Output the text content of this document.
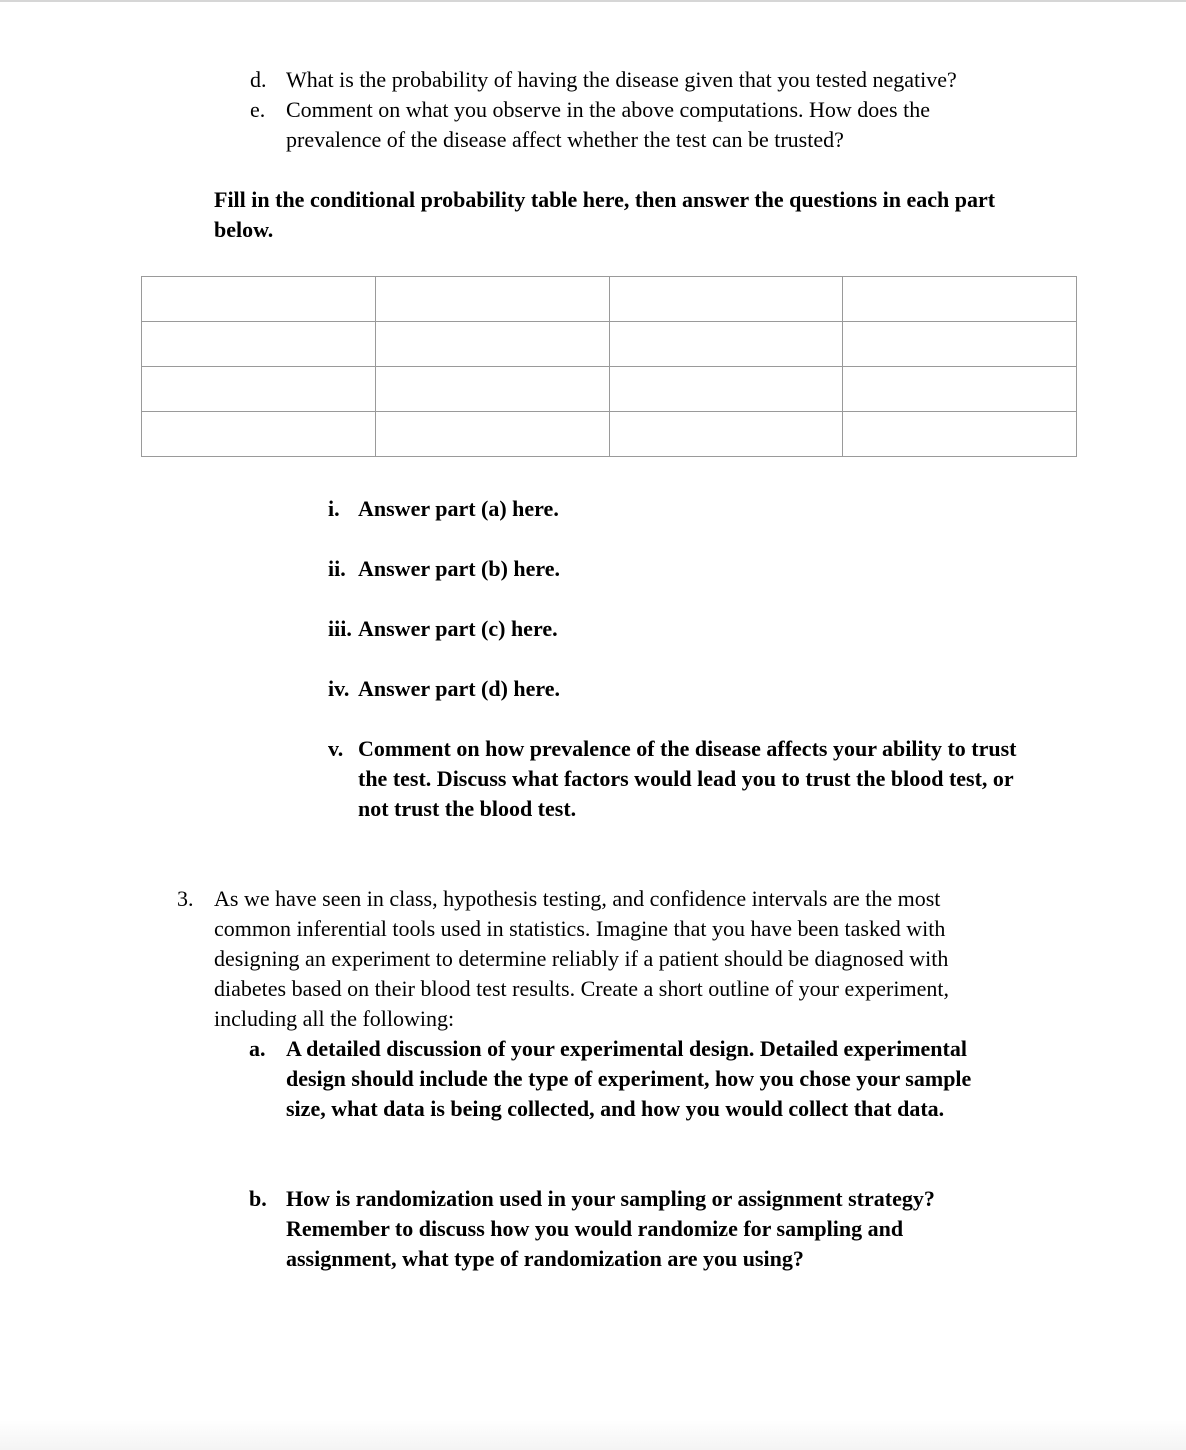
d. What is the probability of having the disease given that you tested negative?
e. Comment on what you observe in the above computations. How does the
prevalence of the disease affect whether the test can be trusted?
Fill in the conditional probability table here, then answer the questions in each part
below.

i. Answer part (a) here.
ii. Answer part (b) here.
iii. Answer part (c) here.
iv. Answer part (d) here.
v. Comment on how prevalence of the disease affects your ability to trust
the test. Discuss what factors would lead you to trust the blood test, or
not trust the blood test.
3. As we have seen in class, hypothesis testing, and confidence intervals are the most
common inferential tools used in statistics. Imagine that you have been tasked with
designing an experiment to determine reliably if a patient should be diagnosed with
diabetes based on their blood test results. Create a short outline of your experiment,
including all the following:
a. A detailed discussion of your experimental design. Detailed experimental
design should include the type of experiment, how you chose your sample
size, what data is being collected, and how you would collect that data.
b. How is randomization used in your sampling or assignment strategy?
Remember to discuss how you would randomize for sampling and
assignment, what type of randomization are you using?
